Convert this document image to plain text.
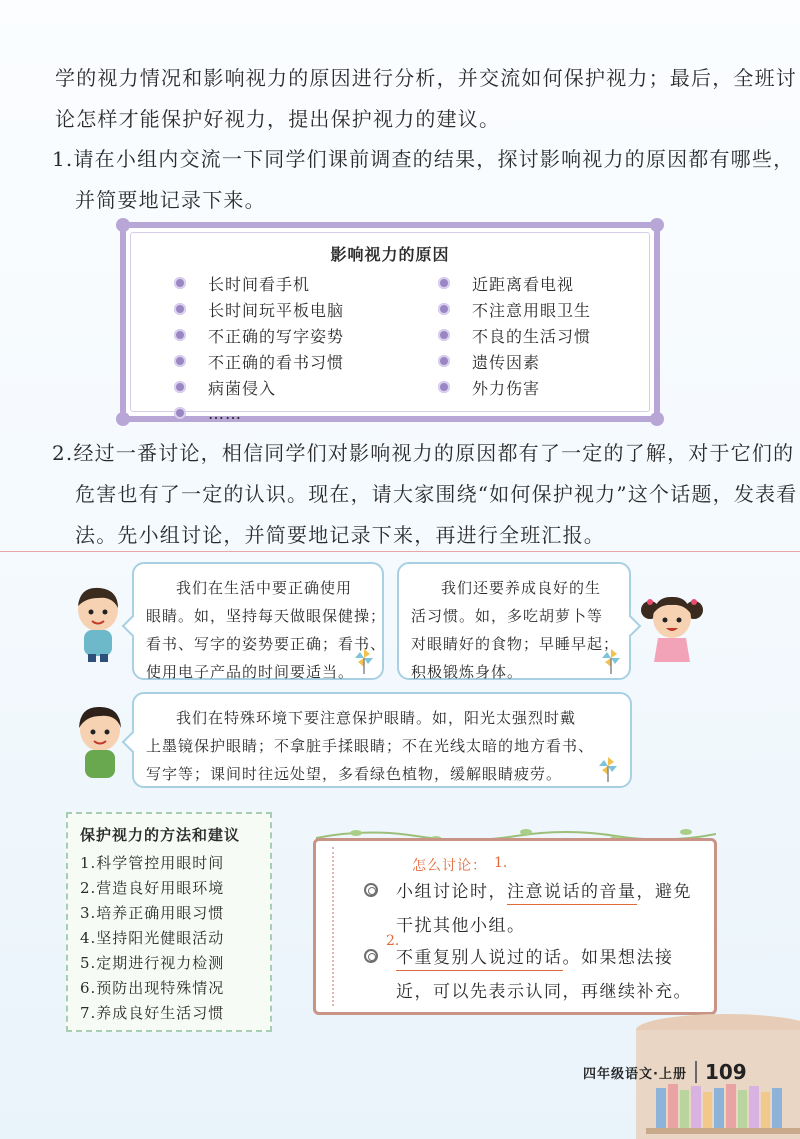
学的视力情况和影响视力的原因进行分析，并交流如何保护视力；最后，全班讨

论怎样才能保护好视力，提出保护视力的建议。

1.请在小组内交流一下同学们课前调查的结果，探讨影响视力的原因都有哪些，

并简要地记录下来。

影响视力的原因
长时间看手机
长时间玩平板电脑
不正确的写字姿势
不正确的看书习惯
病菌侵入
……
近距离看电视
不注意用眼卫生
不良的生活习惯
遗传因素
外力伤害

2.经过一番讨论，相信同学们对影响视力的原因都有了一定的了解，对于它们的

危害也有了一定的认识。现在，请大家围绕“如何保护视力”这个话题，发表看

法。先小组讨论，并简要地记录下来，再进行全班汇报。

我们在生活中要正确使用
眼睛。如，坚持每天做眼保健操；
看书、写字的姿势要正确；看书、
使用电子产品的时间要适当。
我们还要养成良好的生
活习惯。如，多吃胡萝卜等
对眼睛好的食物；早睡早起；
积极锻炼身体。
我们在特殊环境下要注意保护眼睛。如，阳光太强烈时戴
上墨镜保护眼睛；不拿脏手揉眼睛；不在光线太暗的地方看书、
写字等；课间时往远处望，多看绿色植物，缓解眼睛疲劳。
保护视力的方法和建议
1.科学管控用眼时间
2.营造良好用眼环境
3.培养正确用眼习惯
4.坚持阳光健眼活动
5.定期进行视力检测
6.预防出现特殊情况
7.养成良好生活习惯
怎么讨论： 1.
小组讨论时，注意说话的音量，避免
干扰其他小组。
2.
不重复别人说过的话。如果想法接
近，可以先表示认同，再继续补充。
四年级语文·上册 109
